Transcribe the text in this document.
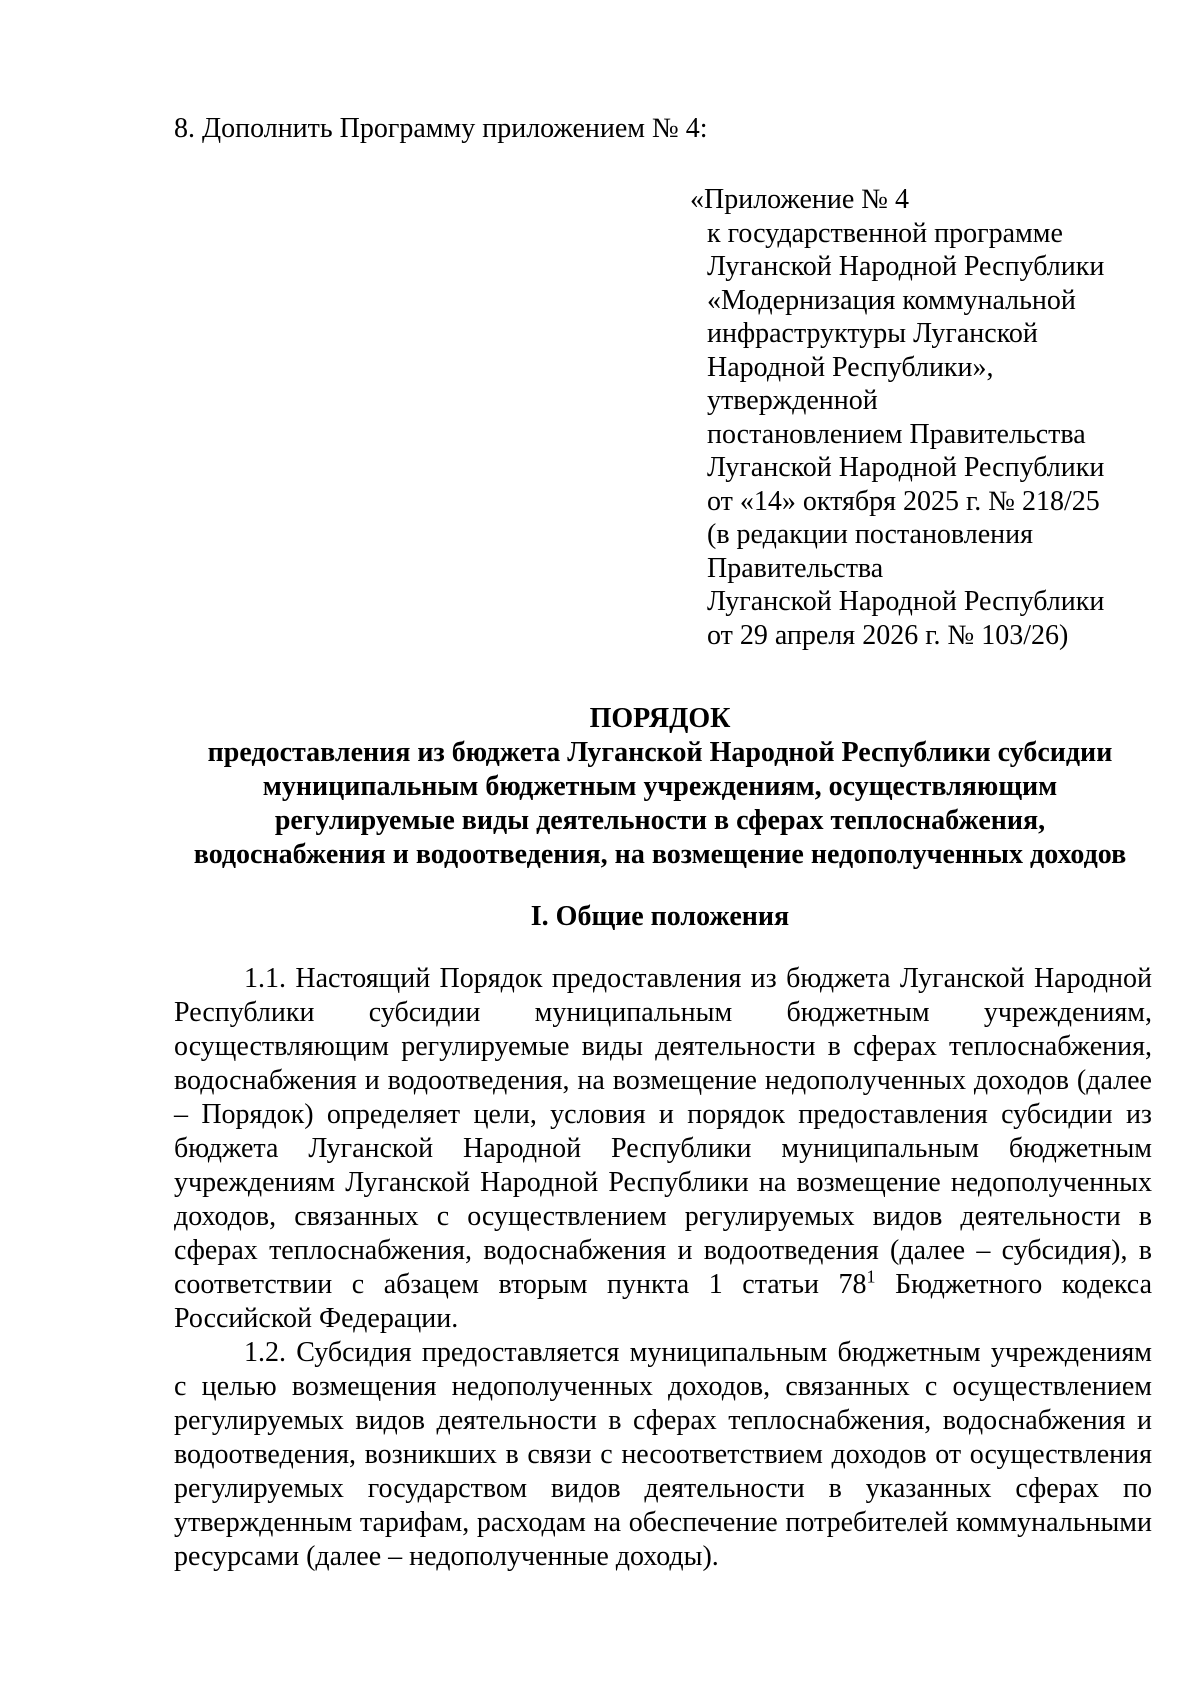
8. Дополнить Программу приложением № 4:

«Приложение № 4
к государственной программе
Луганской Народной Республики
«Модернизация коммунальной
инфраструктуры Луганской
Народной Республики»,
утвержденной
постановлением Правительства
Луганской Народной Республики
от «14» октября 2025 г. № 218/25
(в редакции постановления
Правительства
Луганской Народной Республики
от 29 апреля 2026 г. № 103/26)
ПОРЯДОК
предоставления из бюджета Луганской Народной Республики субсидии
муниципальным бюджетным учреждениям, осуществляющим
регулируемые виды деятельности в сферах теплоснабжения,
водоснабжения и водоотведения, на возмещение недополученных доходов

I. Общие положения

1.1. Настоящий Порядок предоставления из бюджета Луганской Народной Республики субсидии муниципальным бюджетным учреждениям, осуществляющим регулируемые виды деятельности в сферах теплоснабжения, водоснабжения и водоотведения, на возмещение недополученных доходов (далее – Порядок) определяет цели, условия и порядок предоставления субсидии из бюджета Луганской Народной Республики муниципальным бюджетным учреждениям Луганской Народной Республики на возмещение недополученных доходов, связанных с осуществлением регулируемых видов деятельности в сферах теплоснабжения, водоснабжения и водоотведения (далее – субсидия), в соответствии с абзацем вторым пункта 1 статьи $78^1$ Бюджетного кодекса Российской Федерации.

1.2. Субсидия предоставляется муниципальным бюджетным учреждениям с целью возмещения недополученных доходов, связанных с осуществлением регулируемых видов деятельности в сферах теплоснабжения, водоснабжения и водоотведения, возникших в связи с несоответствием доходов от осуществления регулируемых государством видов деятельности в указанных сферах по утвержденным тарифам, расходам на обеспечение потребителей коммунальными ресурсами (далее – недополученные доходы).
